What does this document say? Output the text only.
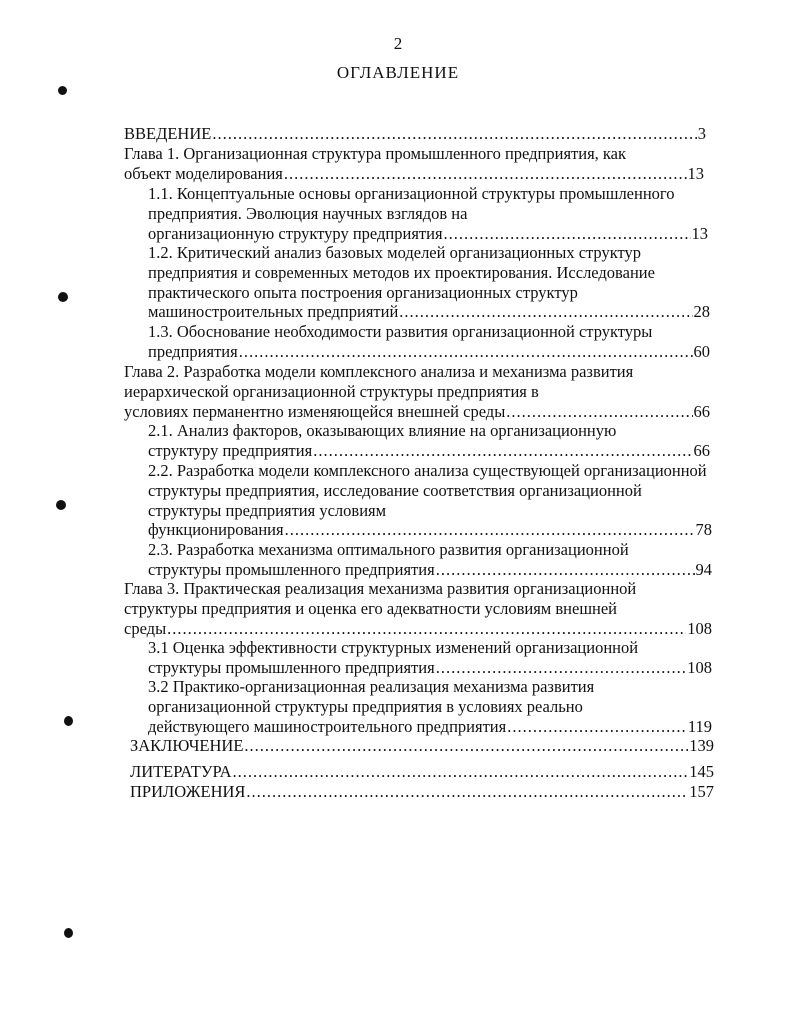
2
ОГЛАВЛЕНИЕ
ВВЕДЕНИЕ .....	3
Глава 1. Организационная структура промышленного предприятия, как
объект моделирования .....	13
1.1. Концептуальные основы организационной структуры промышленного предприятия. Эволюция научных взглядов на
организационную структуру предприятия .....	13
1.2. Критический анализ базовых моделей организационных структур предприятия и современных методов их проектирования. Исследование практического опыта построения организационных структур
машиностроительных предприятий .....	28
1.3. Обоснование необходимости развития организационной структуры
предприятия .....	60
Глава 2. Разработка модели комплексного анализа и механизма развития иерархической организационной структуры предприятия в
условиях перманентно изменяющейся внешней среды .....	66
2.1. Анализ факторов, оказывающих влияние на организационную
структуру предприятия .....	66
2.2. Разработка модели комплексного анализа существующей организационной структуры предприятия, исследование соответствия организационной структуры предприятия условиям
функционирования .....	78
2.3. Разработка механизма оптимального развития организационной
структуры промышленного предприятия .....	94
Глава 3. Практическая реализация механизма развития организационной структуры предприятия и оценка его адекватности условиям внешней
среды .....	108
3.1 Оценка эффективности структурных изменений организационной
структуры промышленного предприятия .....	108
3.2 Практико-организационная реализация механизма развития организационной структуры предприятия в условиях реально
действующего машиностроительного предприятия .....	119
ЗАКЛЮЧЕНИЕ .....	139
ЛИТЕРАТУРА .....	145
ПРИЛОЖЕНИЯ .....	157
